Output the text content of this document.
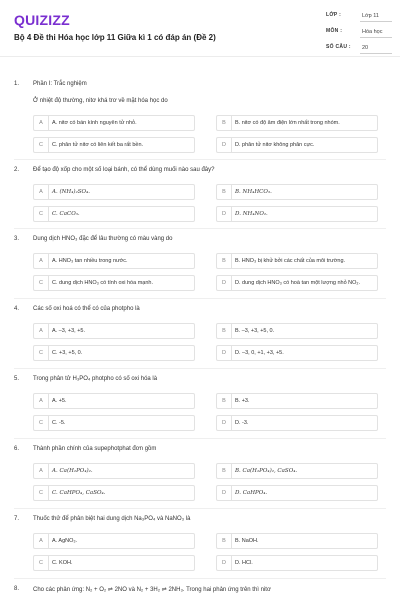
QUIZIZZ
Bộ 4 Đề thi Hóa học lớp 11 Giữa kì 1 có đáp án (Đề 2)
LỚP :	Lớp 11
MÔN :	Hóa học
SỐ CÂU : 20
1. Phần I: Trắc nghiệm
Ở nhiệt độ thường, nitơ khá trơ về mặt hóa học do
A	A. nitơ có bán kính nguyên tử nhỏ.	B	B. nitơ có độ âm điện lớn nhất trong nhóm.
C	C. phân tử nitơ có liên kết ba rất bền.	D	D. phân tử nitơ không phân cực.
2. Để tạo độ xốp cho một số loại bánh, có thể dùng muối nào sau đây?
A	A. (NH₄)₂SO₄.	B	B. NH₄HCO₃.
C	C. CaCO₃.	D	D. NH₄NO₂.
3. Dung dịch HNO₃ đặc để lâu thường có màu vàng do
A	A. HNO₃ tan nhiều trong nước.	B	B. HNO₃ bị khử bởi các chất của môi trường.
C	C. dung dịch HNO₃ có tính oxi hóa mạnh.	D	D. dung dịch HNO₃ có hoà tan một lượng nhỏ NO₂.
4. Các số oxi hoá có thể có của photpho là
A	A. –3, +3, +5.	B	B. –3, +3, +5, 0.
C	C. +3, +5, 0.	D	D. –3, 0, +1, +3, +5.
5. Trong phân tử H₃PO₄ photpho có số oxi hóa là
A	A. +5.	B	B. +3.
C	C. -5.	D	D. -3.
6. Thành phần chính của supephotphat đơn gồm
A	A. Ca(H₂PO₄)₂.	B	B. Ca(H₂PO₄)₂, CaSO₄.
C	C. CaHPO₄, CaSO₄.	D	D. CaHPO₄.
7. Thuốc thử để phân biệt hai dung dịch Na₃PO₄ và NaNO₃ là
A	A. AgNO₃.	B	B. NaOH.
C	C. KOH.	D	D. HCl.
8. Cho các phản ứng: N₂ + O₂ ⇌ 2NO và N₂ + 3H₂ ⇌ 2NH₃. Trong hai phản ứng trên thì nitơ
